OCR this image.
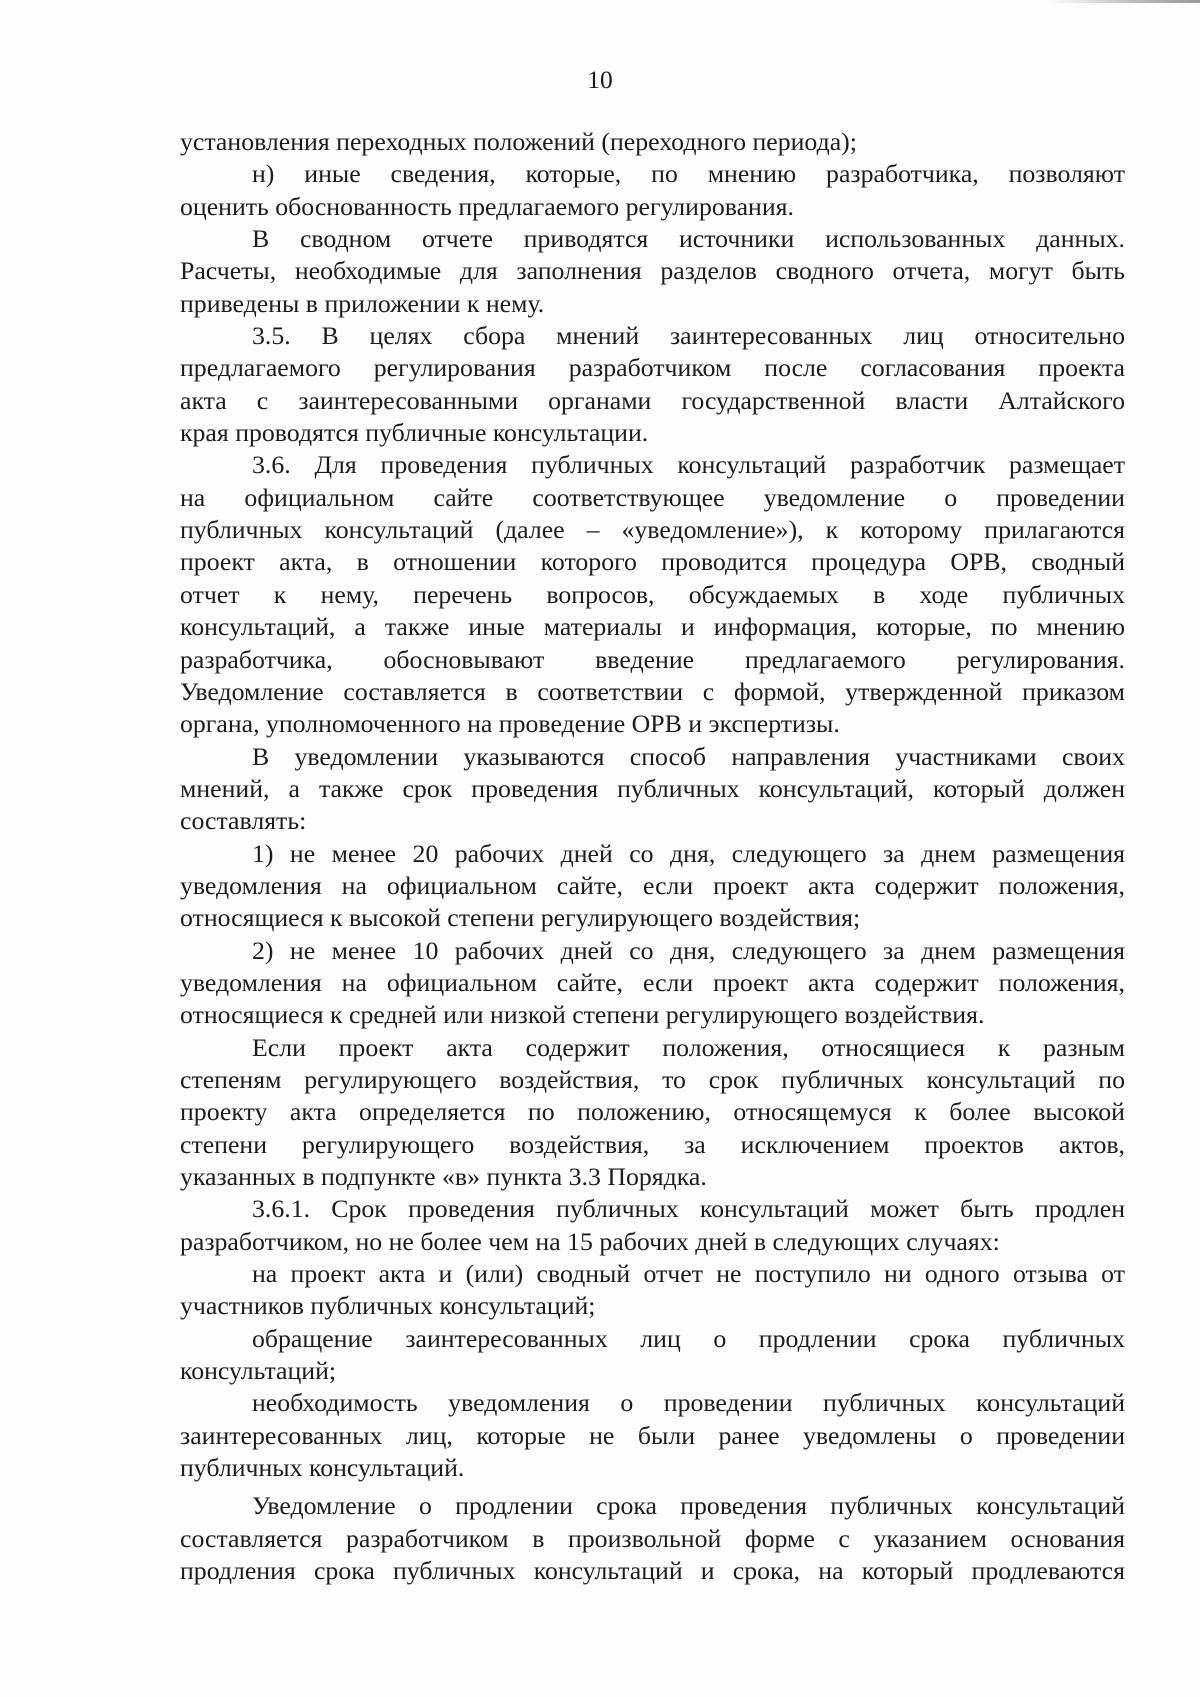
10
установления переходных положений (переходного периода);
н) иные сведения, которые, по мнению разработчика, позволяют
оценить обоснованность предлагаемого регулирования.
В сводном отчете приводятся источники использованных данных.
Расчеты, необходимые для заполнения разделов сводного отчета, могут быть
приведены в приложении к нему.
3.5. В целях сбора мнений заинтересованных лиц относительно
предлагаемого регулирования разработчиком после согласования проекта
акта с заинтересованными органами государственной власти Алтайского
края проводятся публичные консультации.
3.6. Для проведения публичных консультаций разработчик размещает
на официальном сайте соответствующее уведомление о проведении
публичных консультаций (далее – «уведомление»), к которому прилагаются
проект акта, в отношении которого проводится процедура ОРВ, сводный
отчет к нему, перечень вопросов, обсуждаемых в ходе публичных
консультаций, а также иные материалы и информация, которые, по мнению
разработчика, обосновывают введение предлагаемого регулирования.
Уведомление составляется в соответствии с формой, утвержденной приказом
органа, уполномоченного на проведение ОРВ и экспертизы.
В уведомлении указываются способ направления участниками своих
мнений, а также срок проведения публичных консультаций, который должен
составлять:
1) не менее 20 рабочих дней со дня, следующего за днем размещения
уведомления на официальном сайте, если проект акта содержит положения,
относящиеся к высокой степени регулирующего воздействия;
2) не менее 10 рабочих дней со дня, следующего за днем размещения
уведомления на официальном сайте, если проект акта содержит положения,
относящиеся к средней или низкой степени регулирующего воздействия.
Если проект акта содержит положения, относящиеся к разным
степеням регулирующего воздействия, то срок публичных консультаций по
проекту акта определяется по положению, относящемуся к более высокой
степени регулирующего воздействия, за исключением проектов актов,
указанных в подпункте «в» пункта 3.3 Порядка.
3.6.1. Срок проведения публичных консультаций может быть продлен
разработчиком, но не более чем на 15 рабочих дней в следующих случаях:
на проект акта и (или) сводный отчет не поступило ни одного отзыва от
участников публичных консультаций;
обращение заинтересованных лиц о продлении срока публичных
консультаций;
необходимость уведомления о проведении публичных консультаций
заинтересованных лиц, которые не были ранее уведомлены о проведении
публичных консультаций.
Уведомление о продлении срока проведения публичных консультаций
составляется разработчиком в произвольной форме с указанием основания
продления срока публичных консультаций и срока, на который продлеваются
